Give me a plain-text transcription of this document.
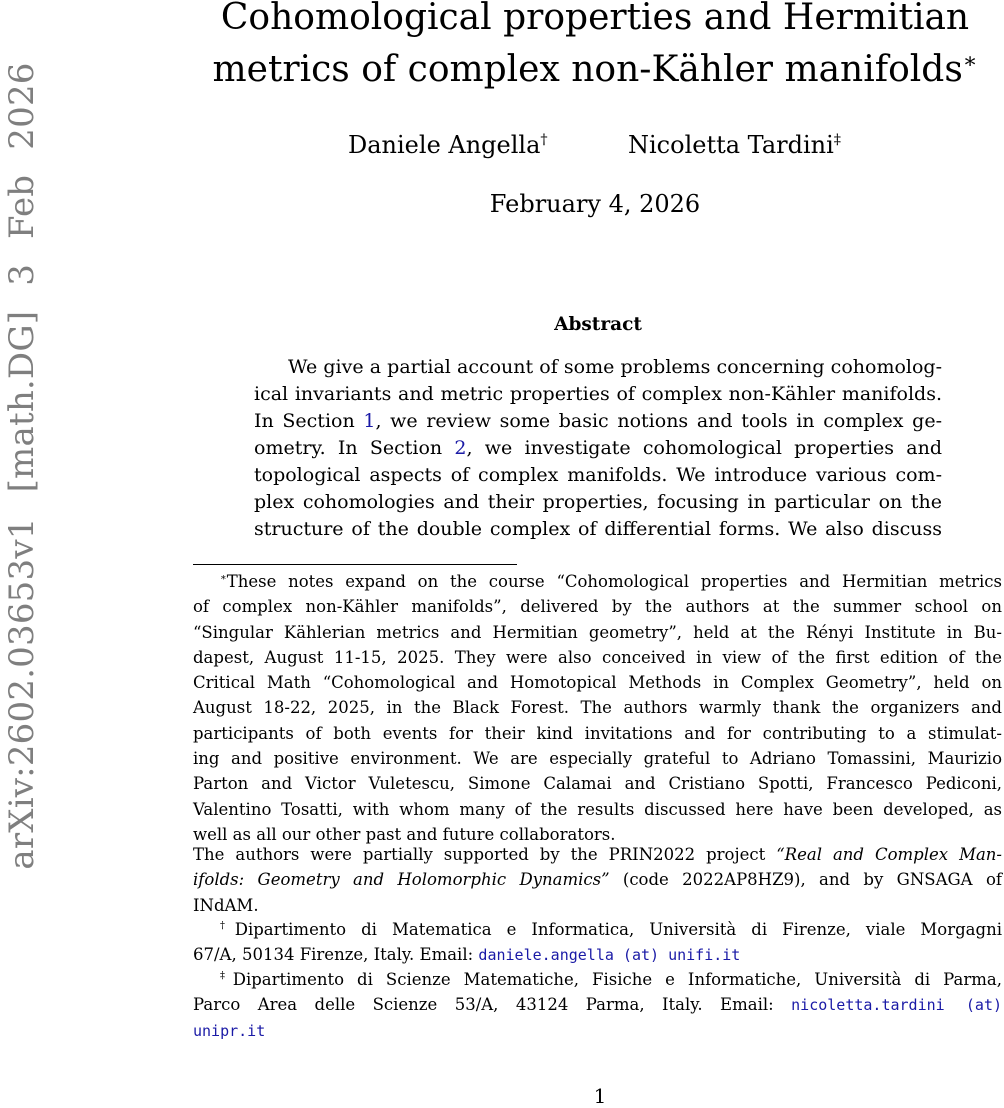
arXiv:2602.03653v1 [math.DG] 3 Feb 2026
Cohomological properties and Hermitian
metrics of complex non-Kähler manifolds∗
Daniele Angella†	Nicoletta Tardini‡
February 4, 2026
Abstract
We give a partial account of some problems concerning cohomolog-
ical invariants and metric properties of complex non-Kähler manifolds.
In Section 1, we review some basic notions and tools in complex ge-
ometry. In Section 2, we investigate cohomological properties and
topological aspects of complex manifolds. We introduce various com-
plex cohomologies and their properties, focusing in particular on the
structure of the double complex of differential forms. We also discuss
∗These notes expand on the course “Cohomological properties and Hermitian metrics
of complex non-Kähler manifolds”, delivered by the authors at the summer school on
“Singular Kählerian metrics and Hermitian geometry”, held at the Rényi Institute in Bu-
dapest, August 11-15, 2025. They were also conceived in view of the first edition of the
Critical Math “Cohomological and Homotopical Methods in Complex Geometry”, held on
August 18-22, 2025, in the Black Forest. The authors warmly thank the organizers and
participants of both events for their kind invitations and for contributing to a stimulat-
ing and positive environment. We are especially grateful to Adriano Tomassini, Maurizio
Parton and Victor Vuletescu, Simone Calamai and Cristiano Spotti, Francesco Pediconi,
Valentino Tosatti, with whom many of the results discussed here have been developed, as
well as all our other past and future collaborators.
The authors were partially supported by the PRIN2022 project “Real and Complex Man-
ifolds: Geometry and Holomorphic Dynamics” (code 2022AP8HZ9), and by GNSAGA of
INdAM.
†Dipartimento di Matematica e Informatica, Università di Firenze, viale Morgagni
67/A, 50134 Firenze, Italy. Email: daniele.angella (at) unifi.it
‡Dipartimento di Scienze Matematiche, Fisiche e Informatiche, Università di Parma,
Parco Area delle Scienze 53/A, 43124 Parma, Italy. Email: nicoletta.tardini (at)
unipr.it
1
